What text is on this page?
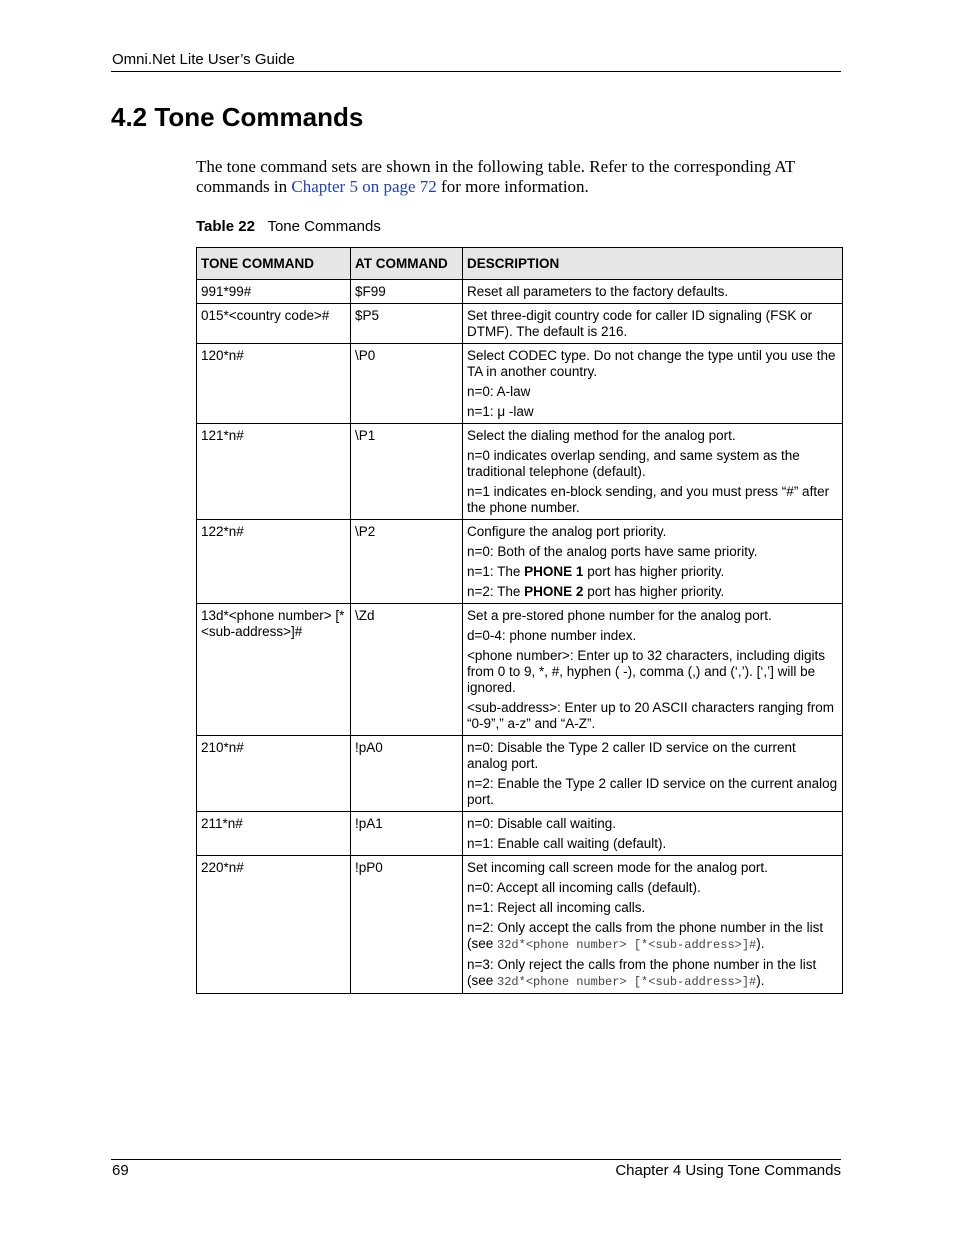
Omni.Net Lite User’s Guide
4.2 Tone Commands

The tone command sets are shown in the following table. Refer to the corresponding AT commands in Chapter 5 on page 72 for more information.

Table 22 Tone Commands
TONE COMMAND	AT COMMAND	DESCRIPTION
991*99#	$F99	Reset all parameters to the factory defaults.

015*<country code>#	$P5	Set three-digit country code for caller ID signaling (FSK or DTMF). The default is 216.

120*n#	\P0	Select CODEC type. Do not change the type until you use the TA in another country.

n=0: A-law

n=1: μ -law

121*n#	\P1	Select the dialing method for the analog port.

n=0 indicates overlap sending, and same system as the traditional telephone (default).

n=1 indicates en-block sending, and you must press “#” after the phone number.

122*n#	\P2	Configure the analog port priority.

n=0: Both of the analog ports have same priority.

n=1: The PHONE 1 port has higher priority.

n=2: The PHONE 2 port has higher priority.

13d*<phone number> [*<sub-address>]#	\Zd	Set a pre-stored phone number for the analog port.

d=0-4: phone number index.

<phone number>: Enter up to 32 characters, including digits from 0 to 9, *, #, hyphen ( -), comma (,) and (‘,’). [‘,’] will be ignored.

<sub-address>: Enter up to 20 ASCII characters ranging from “0-9”,” a-z” and “A-Z”.

210*n#	!pA0	n=0: Disable the Type 2 caller ID service on the current analog port.

n=2: Enable the Type 2 caller ID service on the current analog port.

211*n#	!pA1	n=0: Disable call waiting.

n=1: Enable call waiting (default).

220*n#	!pP0	Set incoming call screen mode for the analog port.

n=0: Accept all incoming calls (default).

n=1: Reject all incoming calls.

n=2: Only accept the calls from the phone number in the list (see 32d*<phone number> [*<sub-address>]#).

n=3: Only reject the calls from the phone number in the list (see 32d*<phone number> [*<sub-address>]#).

69	Chapter 4 Using Tone Commands
